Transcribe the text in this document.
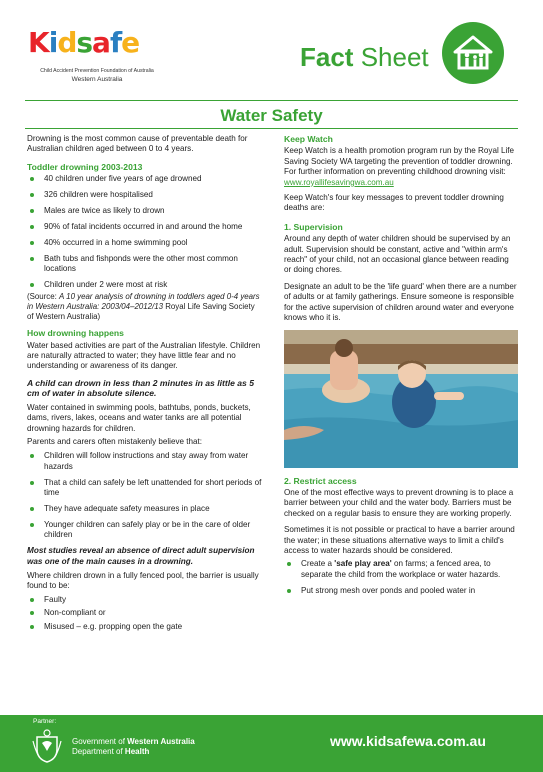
Kidsafe
Child Accident Prevention Foundation of Australia
Western Australia
Fact Sheet
Water Safety

Drowning is the most common cause of preventable death for Australian children aged between 0 to 4 years.

Toddler drowning 2003-2013
40 children under five years of age drowned
326 children were hospitalised
Males are twice as likely to drown
90% of fatal incidents occurred in and around the home
40% occurred in a home swimming pool
Bath tubs and fishponds were the other most common locations
Children under 2 were most at risk
(Source: A 10 year analysis of drowning in toddlers aged 0-4 years in Western Australia: 2003/04–2012/13 Royal Life Saving Society of Western Australia)
How drowning happens

Water based activities are part of the Australian lifestyle. Children are naturally attracted to water; they have little fear and no understanding or awareness of its danger.

A child can drown in less than 2 minutes in as little as 5 cm of water in absolute silence.

Water contained in swimming pools, bathtubs, ponds, buckets, dams, rivers, lakes, oceans and water tanks are all potential drowning hazards for children.

Parents and carers often mistakenly believe that:

Children will follow instructions and stay away from water hazards
That a child can safely be left unattended for short periods of time
They have adequate safety measures in place
Younger children can safely play or be in the care of older children
Most studies reveal an absence of direct adult supervision was one of the main causes in a drowning.

Where children drown in a fully fenced pool, the barrier is usually found to be:

Faulty
Non-compliant or
Misused – e.g. propping open the gate
Keep Watch

Keep Watch is a health promotion program run by the Royal Life Saving Society WA targeting the prevention of toddler drowning. For further information on preventing childhood drowning visit:
www.royallifesavingwa.com.au

Keep Watch's four key messages to prevent toddler drowning deaths are:

1. Supervision

Around any depth of water children should be supervised by an adult. Supervision should be constant, active and "within arm's reach" of your child, not an occasional glance between reading or doing chores.

Designate an adult to be the 'life guard' when there are a number of adults or at family gatherings. Ensure someone is responsible for the active supervision of children around water and everyone knows who it is.

2. Restrict access

One of the most effective ways to prevent drowning is to place a barrier between your child and the water body. Barriers must be checked on a regular basis to ensure they are working properly.

Sometimes it is not possible or practical to have a barrier around the water; in these situations alternative ways to limit a child's access to water hazards should be considered.

Create a 'safe play area' on farms; a fenced area, to separate the child from the workplace or water hazards.
Put strong mesh over ponds and pooled water in
Partner:
Government of Western Australia
Department of Health
www.kidsafewa.com.au
